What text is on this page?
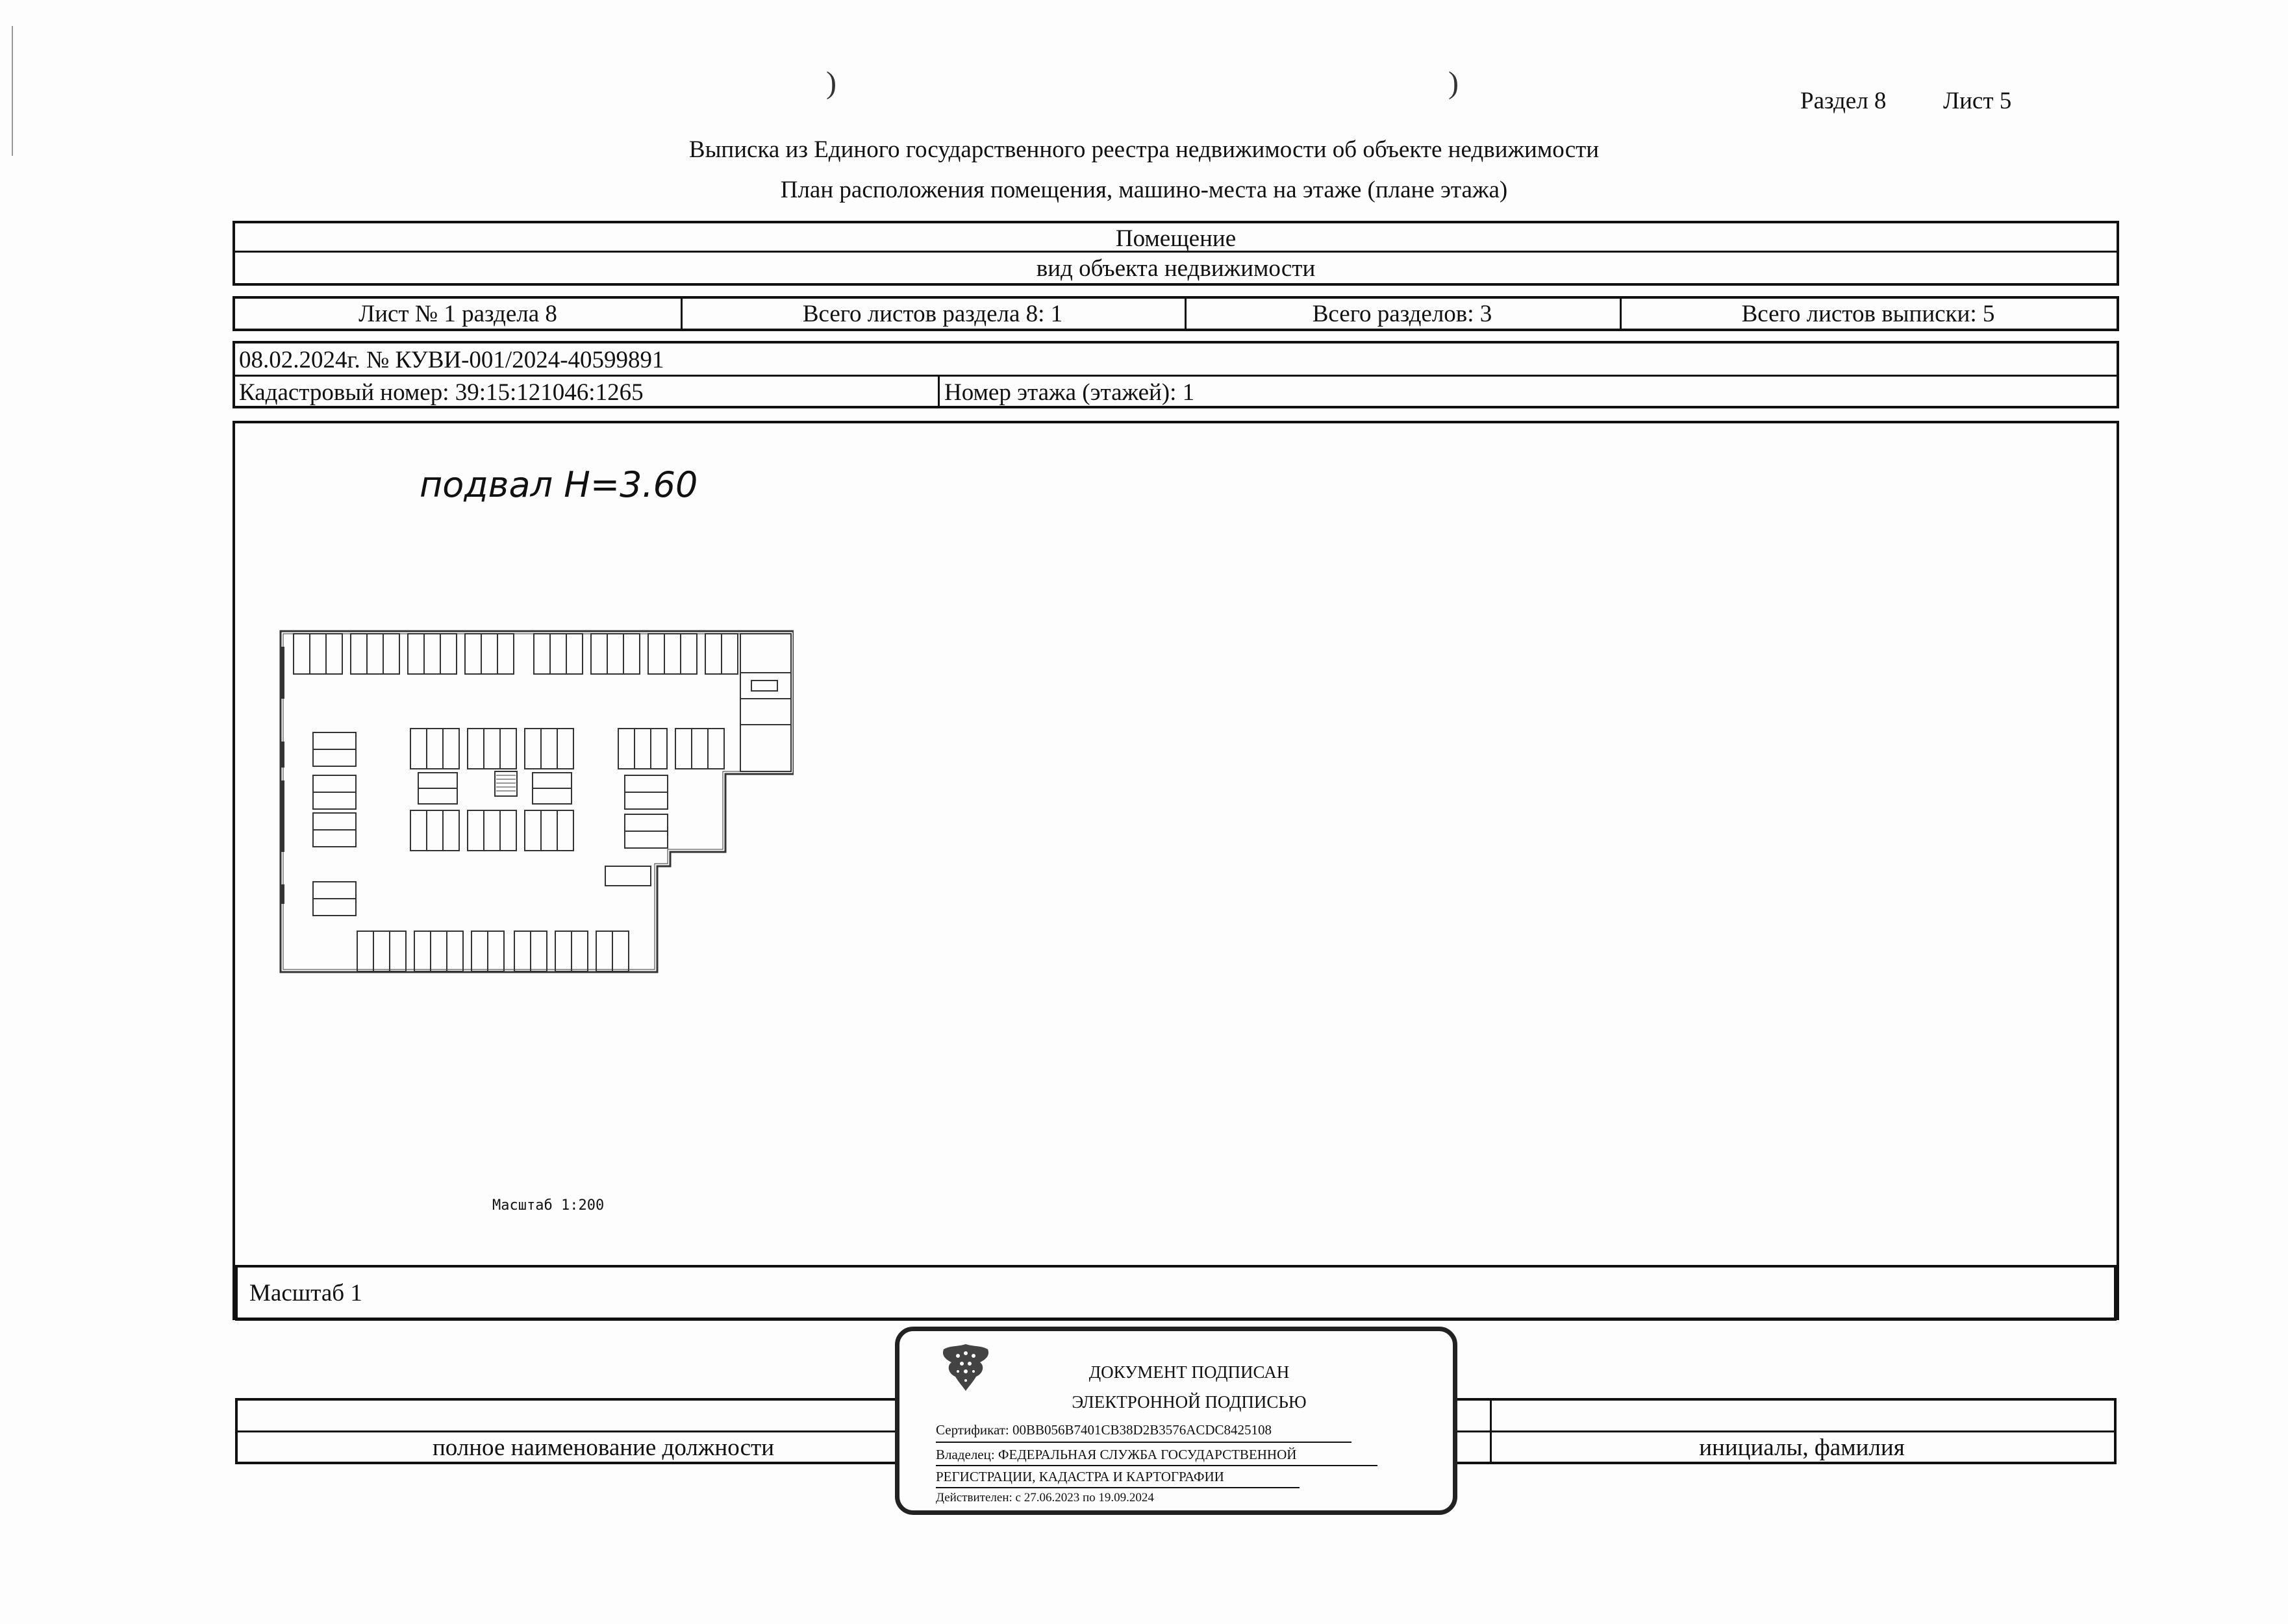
)	)
Раздел 8 Лист 5
Выписка из Единого государственного реестра недвижимости об объекте недвижимости
План расположения помещения, машино-места на этаже (плане этажа)
Помещение
вид объекта недвижимости
Лист № 1 раздела 8	Всего листов раздела 8: 1	Всего разделов: 3	Всего листов выписки: 5
08.02.2024г. № КУВИ-001/2024-40599891
Кадастровый номер: 39:15:121046:1265	Номер этажа (этажей): 1
подвал Н=3.60
Масштаб 1:200
Масштаб 1
полное наименование должности	инициалы, фамилия
ДОКУМЕНТ ПОДПИСАН
ЭЛЕКТРОННОЙ ПОДПИСЬЮ
Сертификат: 00BB056B7401CB38D2B3576ACDC8425108
Владелец: ФЕДЕРАЛЬНАЯ СЛУЖБА ГОСУДАРСТВЕННОЙ
РЕГИСТРАЦИИ, КАДАСТРА И КАРТОГРАФИИ
Действителен: с 27.06.2023 по 19.09.2024
